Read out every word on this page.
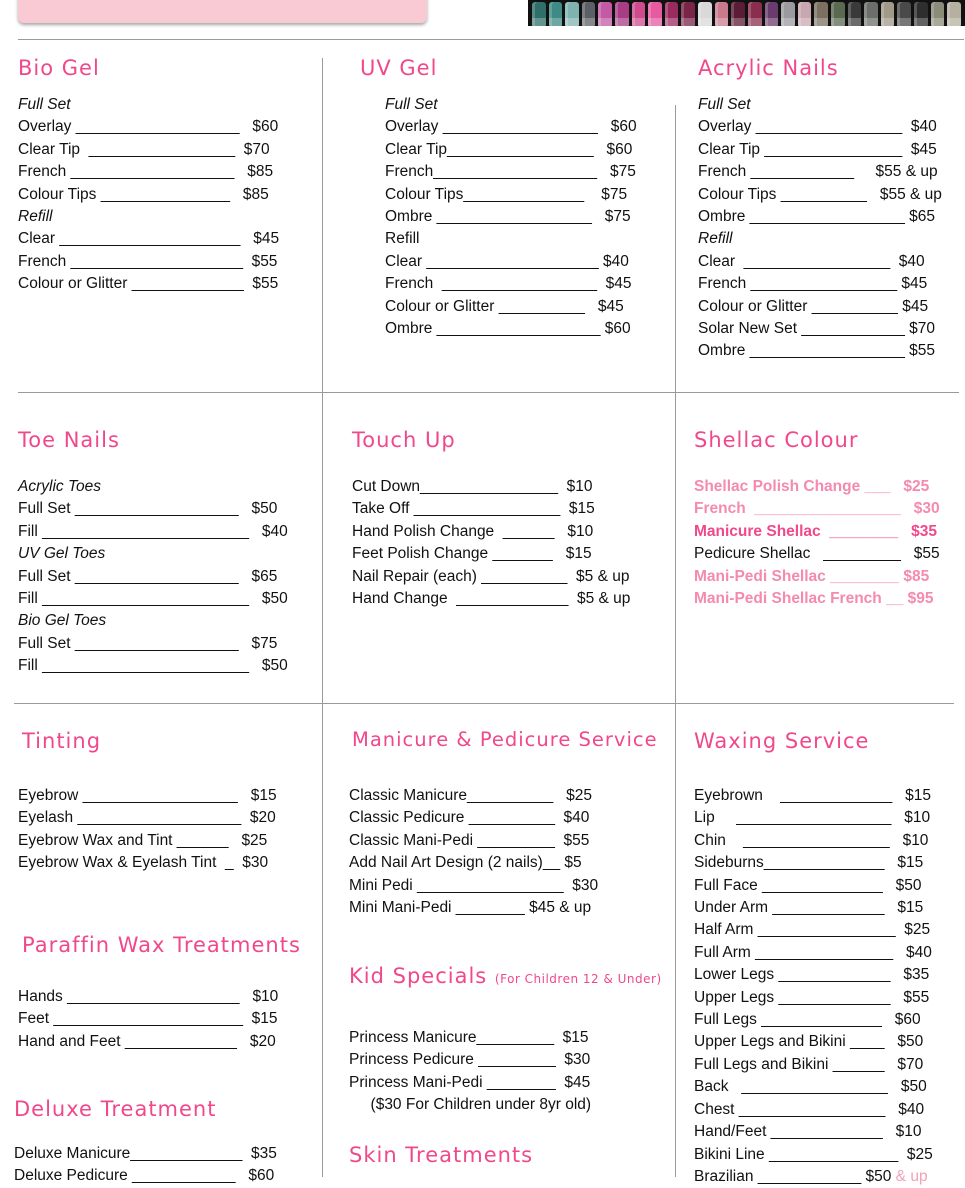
Bio Gel
Full Set
Overlay ___________________   $60
Clear Tip  _________________  $70
French ___________________   $85
Colour Tips _______________   $85
Refill
Clear _____________________   $45
French ____________________  $55
Colour or Glitter _____________  $55
UV Gel
Full Set
Overlay __________________   $60
Clear Tip_________________   $60
French___________________   $75
Colour Tips______________    $75
Ombre __________________   $75
Refill
Clear ____________________ $40
French  __________________  $45
Colour or Glitter __________   $45
Ombre ___________________ $60
Acrylic Nails
Full Set
Overlay _________________  $40
Clear Tip ________________  $45
French ____________     $55 & up
Colour Tips __________   $55 & up
Ombre __________________ $65
Refill
Clear  _________________  $40
French _________________ $45
Colour or Glitter __________ $45
Solar New Set ____________ $70
Ombre __________________ $55
Toe Nails
Acrylic Toes
Full Set ___________________   $50
Fill ________________________   $40
UV Gel Toes
Full Set ___________________   $65
Fill ________________________   $50
Bio Gel Toes
Full Set ___________________   $75
Fill ________________________   $50
Touch Up
Cut Down________________  $10
Take Off _________________  $15
Hand Polish Change  ______   $10
Feet Polish Change _______   $15
Nail Repair (each) __________  $5 & up
Hand Change  _____________  $5 & up
Shellac Colour
Shellac Polish Change ___   $25
French  _________________   $30
Manicure Shellac  ________   $35
Pedicure Shellac   _________   $55
Mani-Pedi Shellac ________ $85
Mani-Pedi Shellac French __ $95
Tinting
Eyebrow __________________   $15
Eyelash ___________________  $20
Eyebrow Wax and Tint ______   $25
Eyebrow Wax & Eyelash Tint  _  $30
Paraffin Wax Treatments
Hands ____________________   $10
Feet ______________________  $15
Hand and Feet _____________   $20
Deluxe Treatment
Deluxe Manicure_____________  $35
Deluxe Pedicure ____________   $60
Manicure & Pedicure Service
Classic Manicure__________   $25
Classic Pedicure __________  $40
Classic Mani-Pedi _________  $55
Add Nail Art Design (2 nails)__ $5
Mini Pedi _________________  $30
Mini Mani-Pedi ________ $45 & up
Kid Specials (For Children 12 & Under)
Princess Manicure_________  $15
Princess Pedicure _________  $30
Princess Mani-Pedi ________  $45
($30 For Children under 8yr old)
Skin Treatments
Waxing Service
Eyebrown    _____________   $15
Lip     __________________   $10
Chin    _________________   $10
Sideburns______________   $15
Full Face ______________   $50
Under Arm _____________   $15
Half Arm ________________  $25
Full Arm ________________   $40
Lower Legs _____________   $35
Upper Legs _____________   $55
Full Legs ______________   $60
Upper Legs and Bikini ____   $50
Full Legs and Bikini ______   $70
Back   _________________   $50
Chest _________________   $40
Hand/Feet _____________   $10
Bikini Line _______________  $25
Brazilian ____________ $50 & up
